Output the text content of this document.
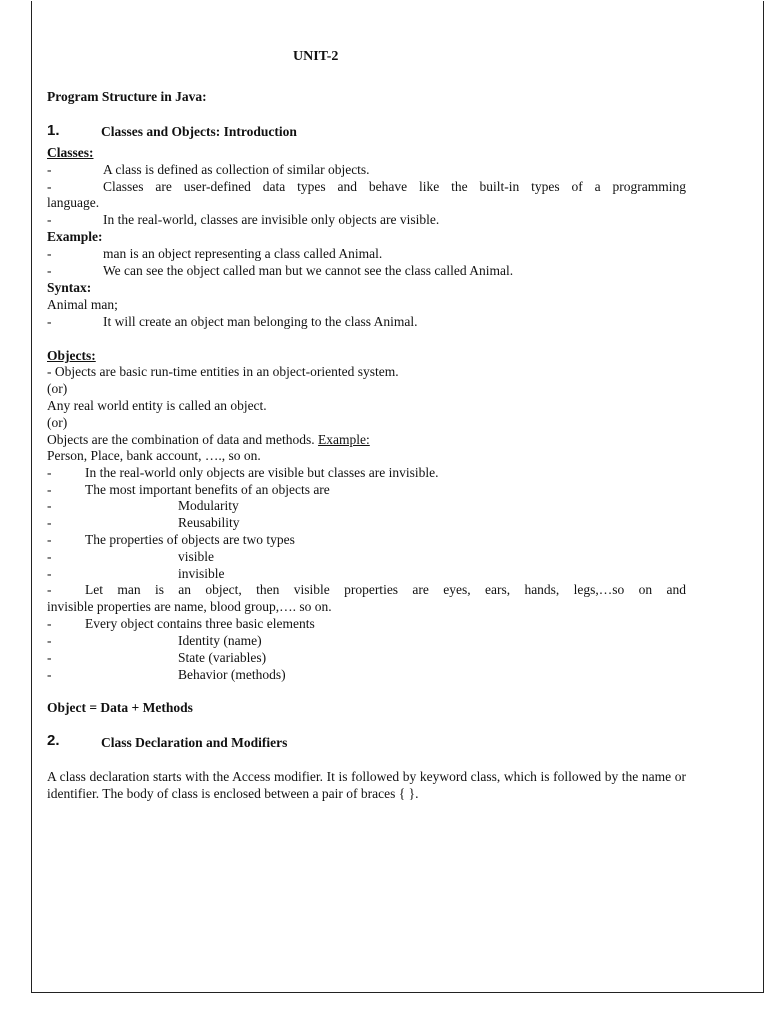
UNIT-2
Program Structure in Java:
1.	Classes and Objects: Introduction
Classes:
-	A class is defined as collection of similar objects.
-	Classes are user-defined data types and behave like the built-in types of a programming
language.
-	In the real-world, classes are invisible only objects are visible.
Example:
-	man is an object representing a class called Animal.
-	We can see the object called man but we cannot see the class called Animal.
Syntax:
Animal man;
-	It will create an object man belonging to the class Animal.
Objects:
- Objects are basic run-time entities in an object-oriented system.
(or)
Any real world entity is called an object.
(or)
Objects are the combination of data and methods. Example:
Person, Place, bank account, …., so on.
- In the real-world only objects are visible but classes are invisible.
- The most important benefits of an objects are
-	Modularity
-	Reusability
- The properties of objects are two types
-	visible
-	invisible
- Let man is an object, then visible properties are eyes, ears, hands, legs,…so on and
invisible properties are name, blood group,…. so on.
- Every object contains three basic elements
-	Identity (name)
-	State (variables)
-	Behavior (methods)
Object = Data + Methods
2.	Class Declaration and Modifiers
A class declaration starts with the Access modifier. It is followed by keyword class, which is followed by the name or identifier. The body of class is enclosed between a pair of braces { }.
